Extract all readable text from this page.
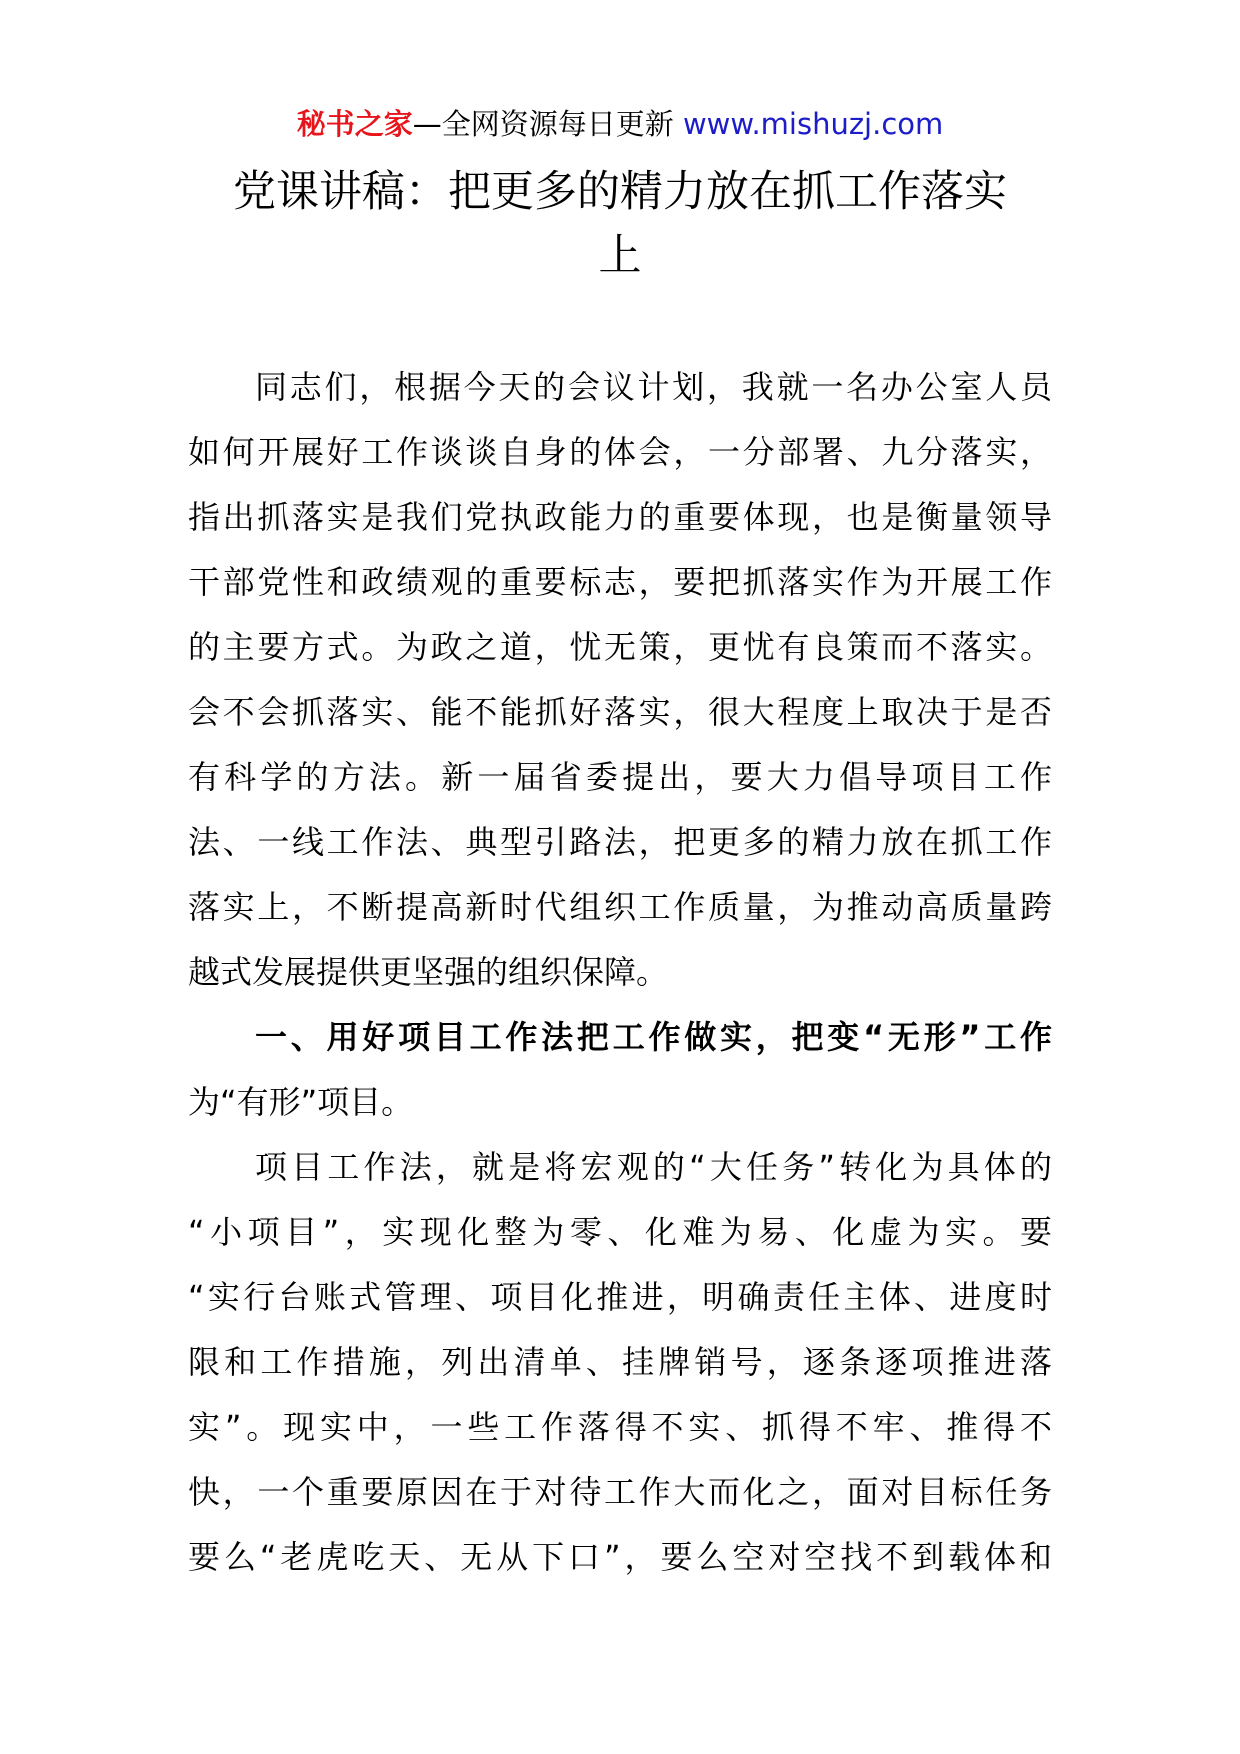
秘书之家—全网资源每日更新 www.mishuzj.com
党课讲稿：把更多的精力放在抓工作落实
上
同志们，根据今天的会议计划，我就一名办公室人员
如何开展好工作谈谈自身的体会，一分部署、九分落实，
指出抓落实是我们党执政能力的重要体现，也是衡量领导
干部党性和政绩观的重要标志，要把抓落实作为开展工作
的主要方式。为政之道，忧无策，更忧有良策而不落实。
会不会抓落实、能不能抓好落实，很大程度上取决于是否
有科学的方法。新一届省委提出，要大力倡导项目工作
法、一线工作法、典型引路法，把更多的精力放在抓工作
落实上，不断提高新时代组织工作质量，为推动高质量跨
越式发展提供更坚强的组织保障。
一、用好项目工作法把工作做实，把变“无形”工作
为“有形”项目。
项目工作法，就是将宏观的“大任务”转化为具体的
“小项目”，实现化整为零、化难为易、化虚为实。要
“实行台账式管理、项目化推进，明确责任主体、进度时
限和工作措施，列出清单、挂牌销号，逐条逐项推进落
实”。现实中，一些工作落得不实、抓得不牢、推得不
快，一个重要原因在于对待工作大而化之，面对目标任务
要么“老虎吃天、无从下口”，要么空对空找不到载体和
